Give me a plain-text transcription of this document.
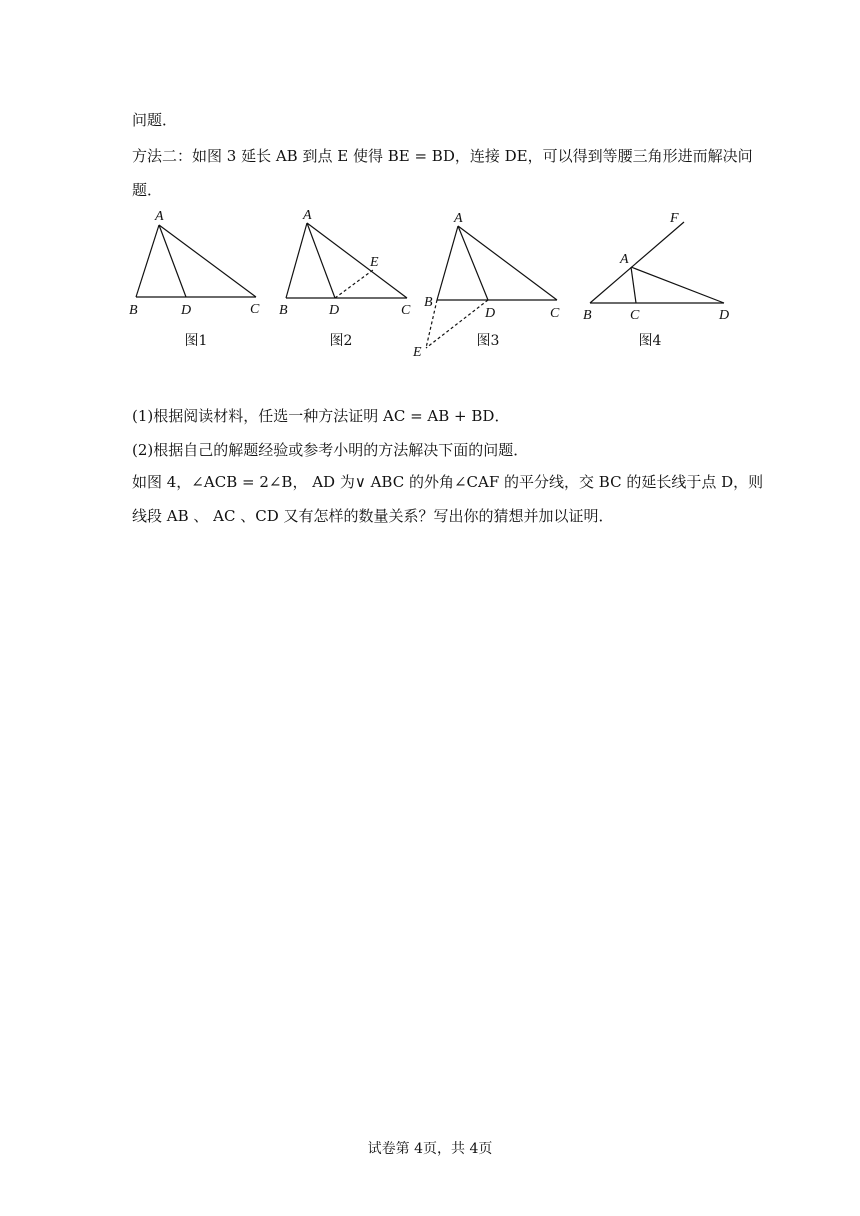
问题．
方法二：如图 3 延长 AB 到点 E 使得 BE = BD，连接 DE，可以得到等腰三角形进而解决问
题．
A
B	D	C
图1
A
E
B	D	C
图2
A
B
D	C
E
图3
F
A
B	C	D
图4
(1)根据阅读材料，任选一种方法证明 AC = AB + BD．
(2)根据自己的解题经验或参考小明的方法解决下面的问题．
如图 4，∠ACB = 2∠B， AD 为∨ ABC 的外角∠CAF 的平分线，交 BC 的延长线于点 D，则
线段 AB 、 AC 、CD 又有怎样的数量关系？写出你的猜想并加以证明．
试卷第 4页，共 4页
